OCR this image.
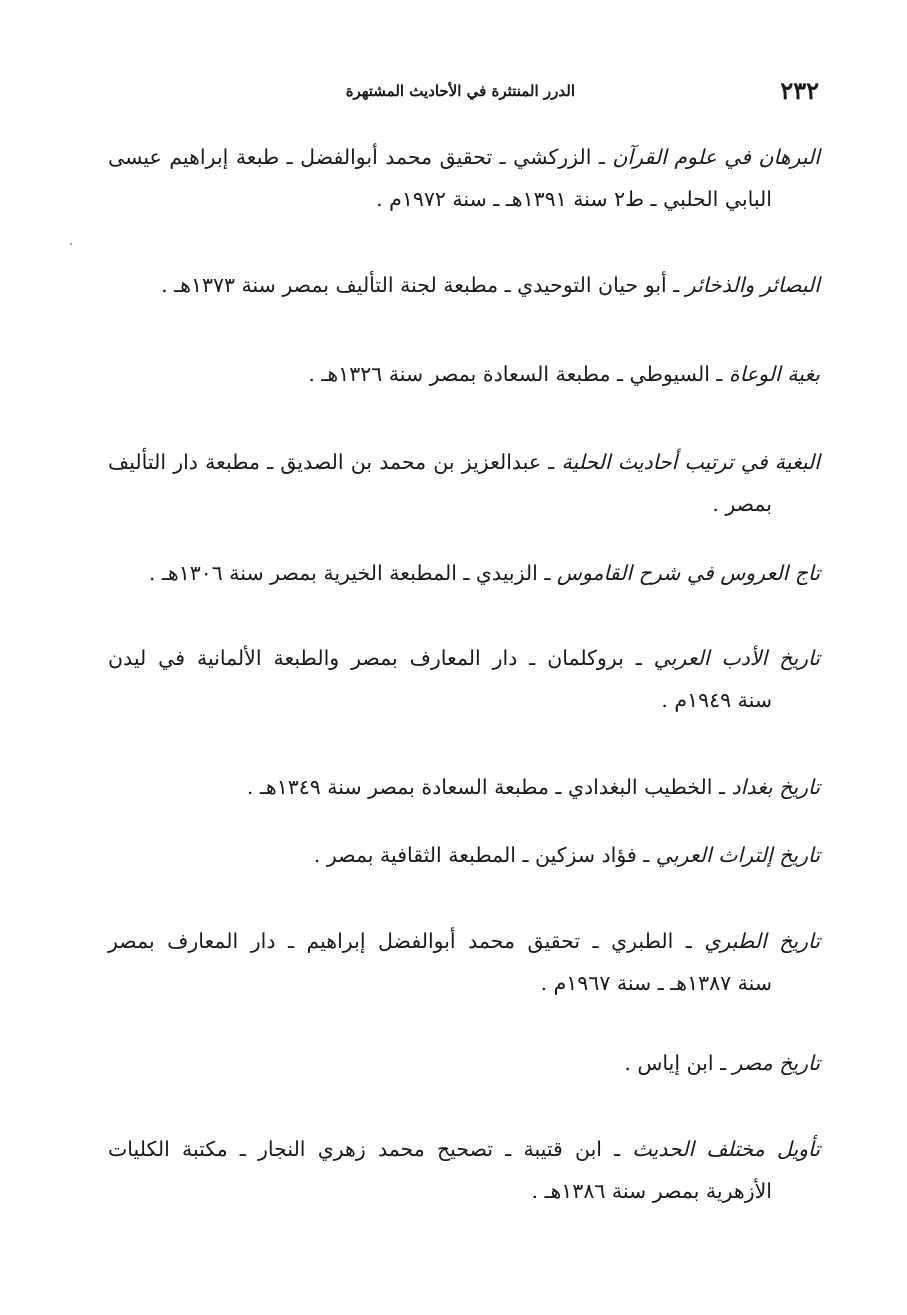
٢٣٢
الدرر المنتثرة في الأحاديث المشتهرة
البرهان في علوم القرآن ـ الزركشي ـ تحقيق محمد أبوالفضل ـ طبعة إبراهيم عيسى
البابي الحلبي ـ ط٢ سنة ١٣٩١هـ ـ سنة ١٩٧٢م .
البصائر والذخائر ـ أبو حيان التوحيدي ـ مطبعة لجنة التأليف بمصر سنة ١٣٧٣هـ .
بغية الوعاة ـ السيوطي ـ مطبعة السعادة بمصر سنة ١٣٢٦هـ .
البغية في ترتيب أحاديث الحلية ـ عبدالعزيز بن محمد بن الصديق ـ مطبعة دار التأليف
بمصر .
تاج العروس في شرح القاموس ـ الزبيدي ـ المطبعة الخيرية بمصر سنة ١٣٠٦هـ .
تاريخ الأدب العربي ـ بروكلمان ـ دار المعارف بمصر والطبعة الألمانية في ليدن
سنة ١٩٤٩م .
تاريخ بغداد ـ الخطيب البغدادي ـ مطبعة السعادة بمصر سنة ١٣٤٩هـ .
تاريخ إلتراث العربي ـ فؤاد سزكين ـ المطبعة الثقافية بمصر .
تاريخ الطبري ـ الطبري ـ تحقيق محمد أبوالفضل إبراهيم ـ دار المعارف بمصر
سنة ١٣٨٧هـ ـ سنة ١٩٦٧م .
تاريخ مصر ـ ابن إياس .
تأويل مختلف الحديث ـ ابن قتيبة ـ تصحيح محمد زهري النجار ـ مكتبة الكليات
الأزهرية بمصر سنة ١٣٨٦هـ .
